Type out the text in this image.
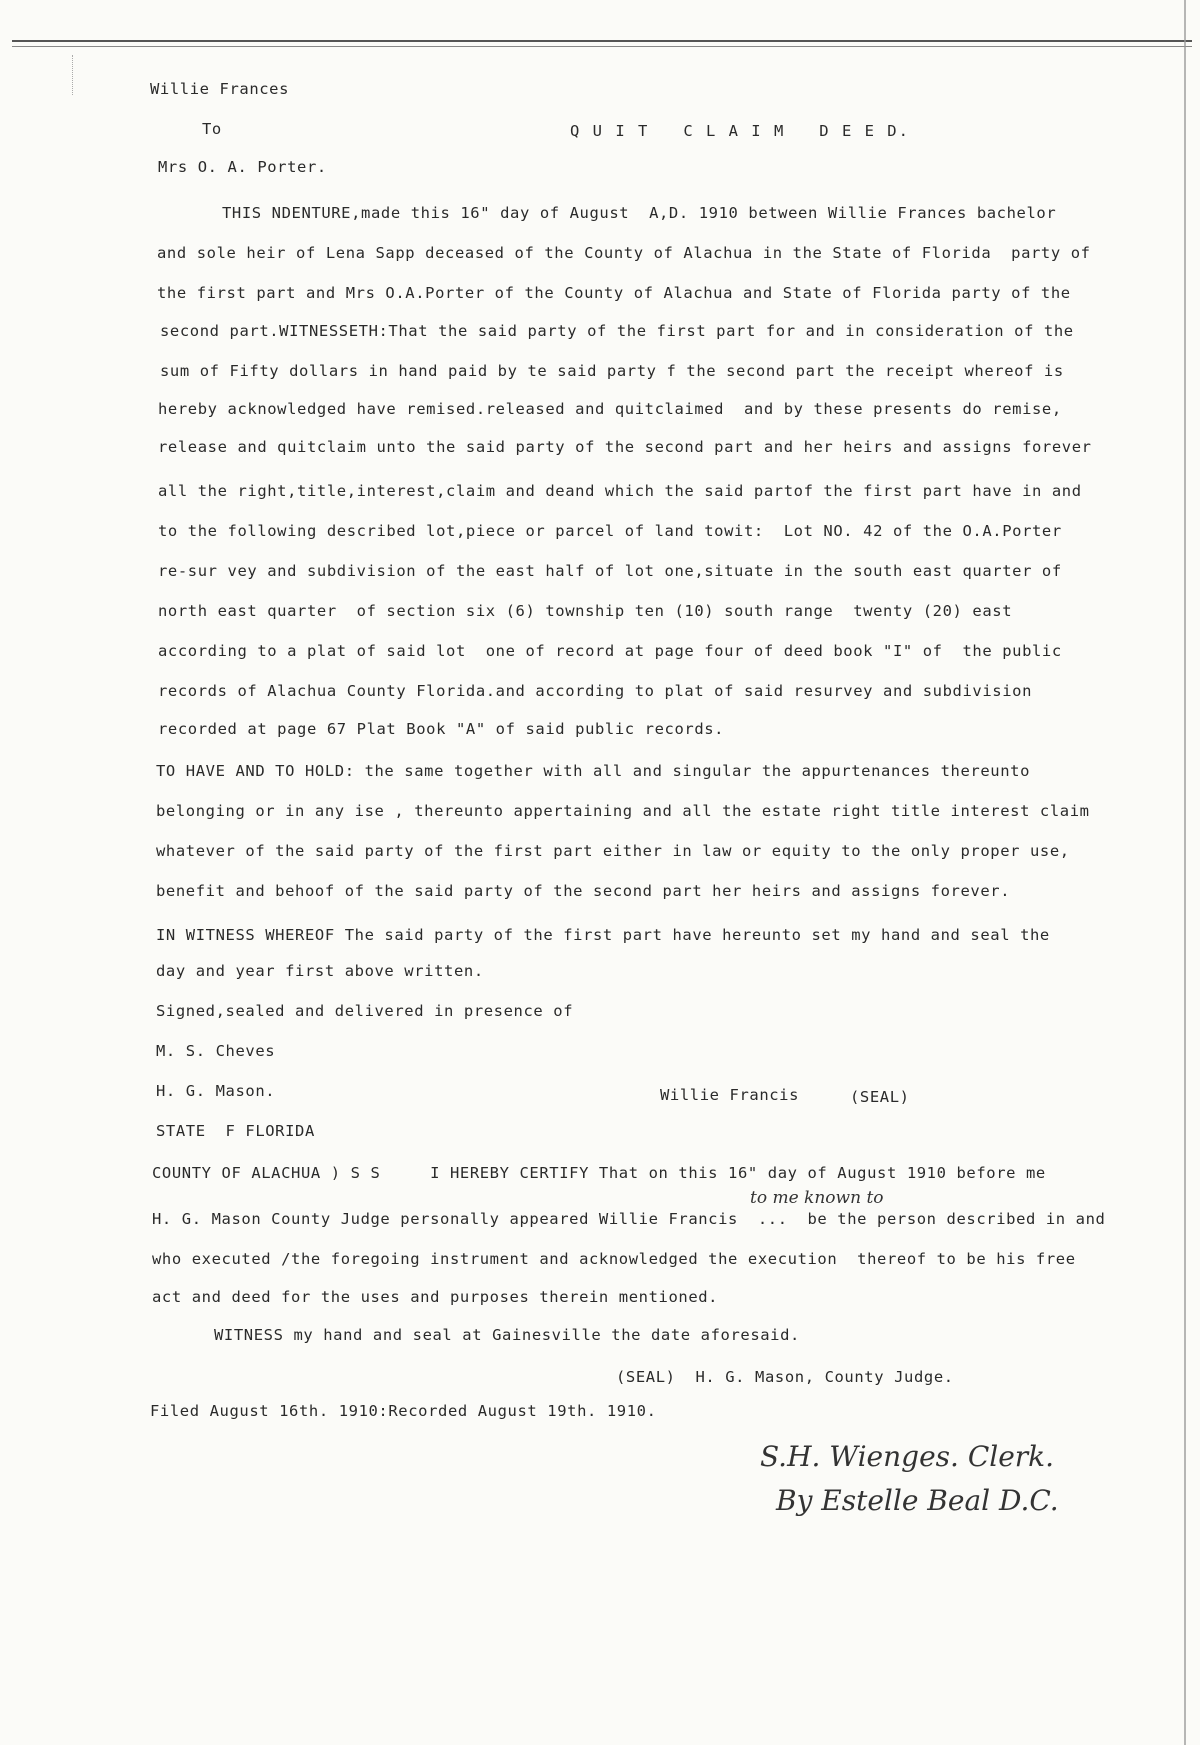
Willie Frances
To	Q U I T   C L A I M   D E E D.
Mrs O. A. Porter.
THIS NDENTURE,made this 16" day of August  A,D. 1910 between Willie Frances bachelor
and sole heir of Lena Sapp deceased of the County of Alachua in the State of Florida  party of
the first part and Mrs O.A.Porter of the County of Alachua and State of Florida party of the
second part.WITNESSETH:That the said party of the first part for and in consideration of the
sum of Fifty dollars in hand paid by te said party f the second part the receipt whereof is
hereby acknowledged have remised.released and quitclaimed  and by these presents do remise,
release and quitclaim unto the said party of the second part and her heirs and assigns forever
all the right,title,interest,claim and deand which the said partof the first part have in and
to the following described lot,piece or parcel of land towit:  Lot NO. 42 of the O.A.Porter
re-sur vey and subdivision of the east half of lot one,situate in the south east quarter of
north east quarter  of section six (6) township ten (10) south range  twenty (20) east
according to a plat of said lot  one of record at page four of deed book "I" of  the public
records of Alachua County Florida.and according to plat of said resurvey and subdivision
recorded at page 67 Plat Book "A" of said public records.
TO HAVE AND TO HOLD: the same together with all and singular the appurtenances thereunto
belonging or in any ise , thereunto appertaining and all the estate right title interest claim
whatever of the said party of the first part either in law or equity to the only proper use,
benefit and behoof of the said party of the second part her heirs and assigns forever.
IN WITNESS WHEREOF The said party of the first part have hereunto set my hand and seal the
day and year first above written.
Signed,sealed and delivered in presence of
M. S. Cheves
H. G. Mason.	Willie Francis	(SEAL)
STATE  F FLORIDA
COUNTY OF ALACHUA ) S S     I HEREBY CERTIFY That on this 16" day of August 1910 before me
to me known to
H. G. Mason County Judge personally appeared Willie Francis  ...  be the person described in and
who executed /the foregoing instrument and acknowledged the execution  thereof to be his free
act and deed for the uses and purposes therein mentioned.
WITNESS my hand and seal at Gainesville the date aforesaid.
(SEAL)  H. G. Mason, County Judge.
Filed August 16th. 1910:Recorded August 19th. 1910.
S.H. Wienges. Clerk.
By Estelle Beal D.C.
